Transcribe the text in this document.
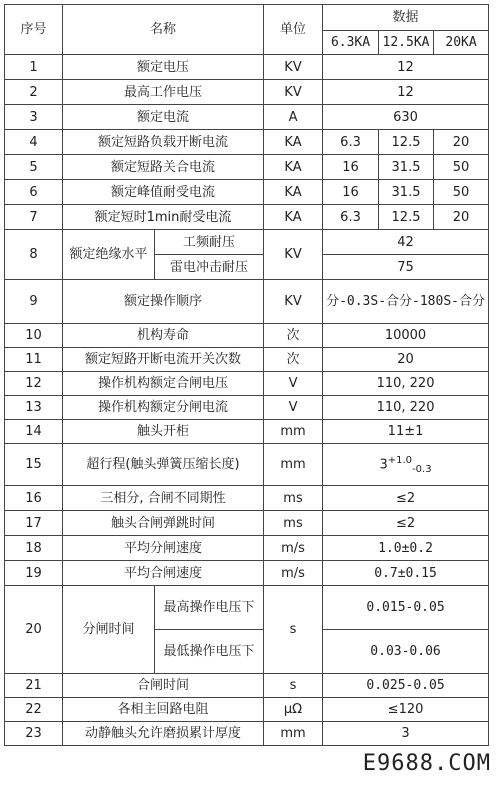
序号	名称		单位	数据		
				6.3KA	12.5KA	20KA
1	额定电压		KV	12		
2	最高工作电压		KV	12		
3	额定电流		A	630		
4	额定短路负载开断电流		KA	6.3	12.5	20
5	额定短路关合电流		KA	16	31.5	50
6	额定峰值耐受电流		KA	16	31.5	50
7	额定短时1min耐受电流		KA	6.3	12.5	20
8	额定绝缘水平	工频耐压	KV	42		
		雷电冲击耐压		75		
9	额定操作顺序		KV	分-0.3S-合分-180S-合分		
10	机构寿命		次	10000		
11	额定短路开断电流开关次数		次	20		
12	操作机构额定合闸电压		V	110, 220		
13	操作机构额定分闸电流		V	110, 220		
14	触头开柜		mm	11±1		
15	超行程(触头弹簧压缩长度)		mm	$3^{+1.0}_{-0.3}$
16	三相分, 合闸不同期性		ms	≤2		
17	触头合闸弹跳时间		ms	≤2		
18	平均分闸速度		m/s	1.0±0.2		
19	平均合闸速度		m/s	0.7±0.15		
20	分闸时间	最高操作电压下	s	0.015-0.05		
		最低操作电压下		0.03-0.06		
21	合闸时间		s	0.025-0.05		
22	各相主回路电阻		μΩ	≤120		
23	动静触头允许磨损累计厚度		mm	3		
E9688.COM
